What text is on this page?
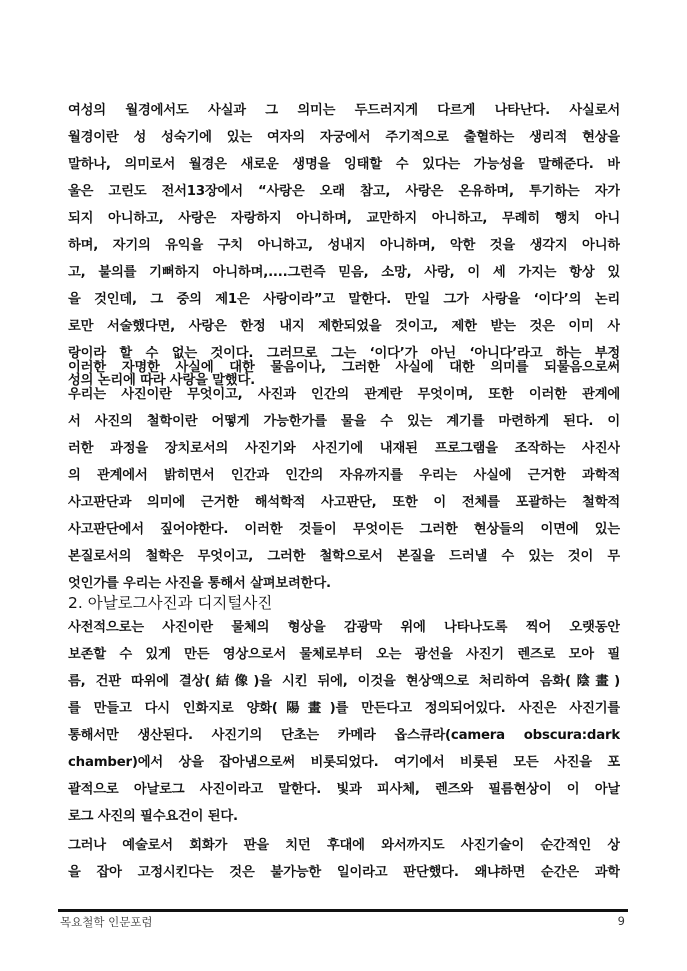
여성의 월경에서도 사실과 그 의미는 두드러지게 다르게 나타난다. 사실로서
월경이란 성 성숙기에 있는 여자의 자궁에서 주기적으로 출혈하는 생리적 현상을
말하나, 의미로서 월경은 새로운 생명을 잉태할 수 있다는 가능성을 말해준다. 바
울은 고린도 전서13장에서 “사랑은 오래 참고, 사랑은 온유하며, 투기하는 자가
되지 아니하고, 사랑은 자랑하지 아니하며, 교만하지 아니하고, 무례히 행치 아니
하며, 자기의 유익을 구치 아니하고, 성내지 아니하며, 악한 것을 생각지 아니하
고, 불의를 기뻐하지 아니하며,....그런즉 믿음, 소망, 사랑, 이 세 가지는 항상 있
을 것인데, 그 중의 제1은 사랑이라”고 말한다. 만일 그가 사랑을 ‘이다’의 논리
로만 서술했다면, 사랑은 한정 내지 제한되었을 것이고, 제한 받는 것은 이미 사
랑이라 할 수 없는 것이다. 그러므로 그는 ‘이다’가 아닌 ‘아니다’라고 하는 부정
성의 논리에 따라 사랑을 말했다.
이러한 자명한 사실에 대한 물음이나, 그러한 사실에 대한 의미를 되물음으로써
우리는 사진이란 무엇이고, 사진과 인간의 관계란 무엇이며, 또한 이러한 관계에
서 사진의 철학이란 어떻게 가능한가를 물을 수 있는 계기를 마련하게 된다. 이
러한 과정을 장치로서의 사진기와 사진기에 내재된 프로그램을 조작하는 사진사
의 관계에서 밝히면서 인간과 인간의 자유까지를 우리는 사실에 근거한 과학적
사고판단과 의미에 근거한 해석학적 사고판단, 또한 이 전체를 포괄하는 철학적
사고판단에서 짚어야한다. 이러한 것들이 무엇이든 그러한 현상들의 이면에 있는
본질로서의 철학은 무엇이고, 그러한 철학으로서 본질을 드러낼 수 있는 것이 무
엇인가를 우리는 사진을 통해서 살펴보려한다.
2. 아날로그사진과 디지털사진
사전적으로는 사진이란 물체의 형상을 감광막 위에 나타나도록 찍어 오랫동안
보존할 수 있게 만든 영상으로서 물체로부터 오는 광선을 사진기 렌즈로 모아 필
름, 건판 따위에 결상(結像)을 시킨 뒤에, 이것을 현상액으로 처리하여 음화(陰畫)
를 만들고 다시 인화지로 양화(陽畫)를 만든다고 정의되어있다. 사진은 사진기를
통해서만 생산된다. 사진기의 단초는 카메라 옵스큐라(camera obscura:dark
chamber)에서 상을 잡아냄으로써 비롯되었다. 여기에서 비롯된 모든 사진을 포
괄적으로 아날로그 사진이라고 말한다. 빛과 피사체, 렌즈와 필름현상이 이 아날
로그 사진의 필수요건이 된다.
그러나 예술로서 회화가 판을 치던 후대에 와서까지도 사진기술이 순간적인 상
을 잡아 고정시킨다는 것은 불가능한 일이라고 판단했다. 왜냐하면 순간은 과학
목요철학 인문포럼	9
